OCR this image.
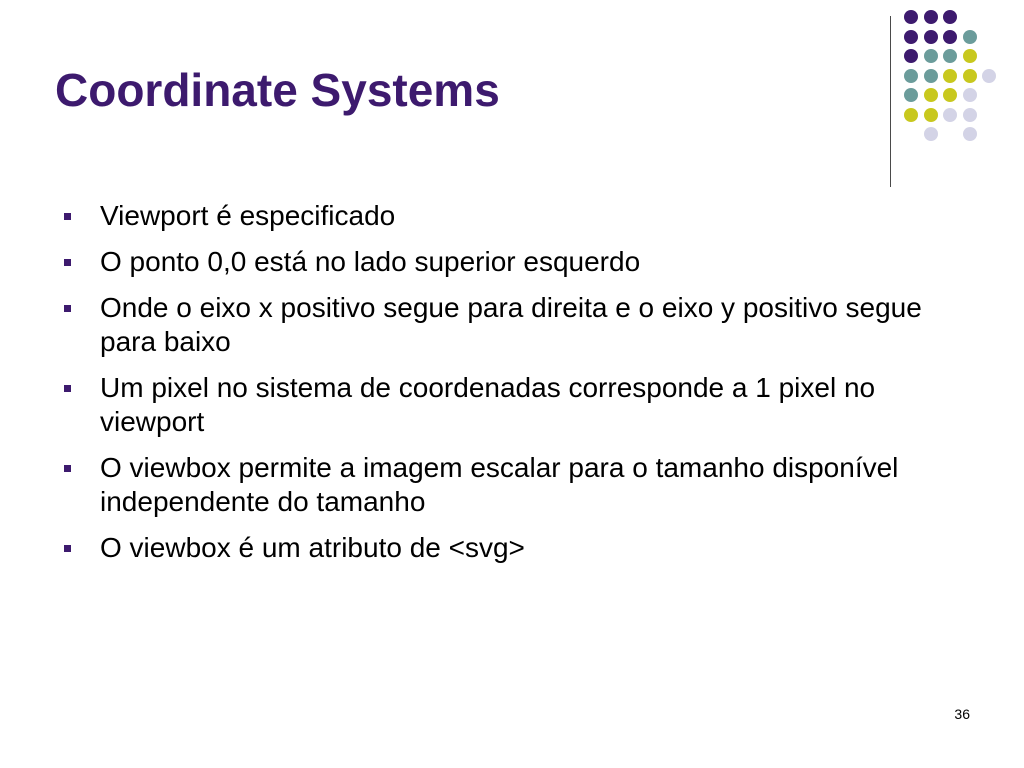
Coordinate Systems
Viewport é especificado
O ponto 0,0 está no lado superior esquerdo
Onde o eixo x positivo segue para direita e o eixo y positivo segue para baixo
Um pixel no sistema de coordenadas corresponde a 1 pixel no viewport
O viewbox permite a imagem escalar para o tamanho disponível independente do tamanho
O viewbox é um atributo de <svg>
36
